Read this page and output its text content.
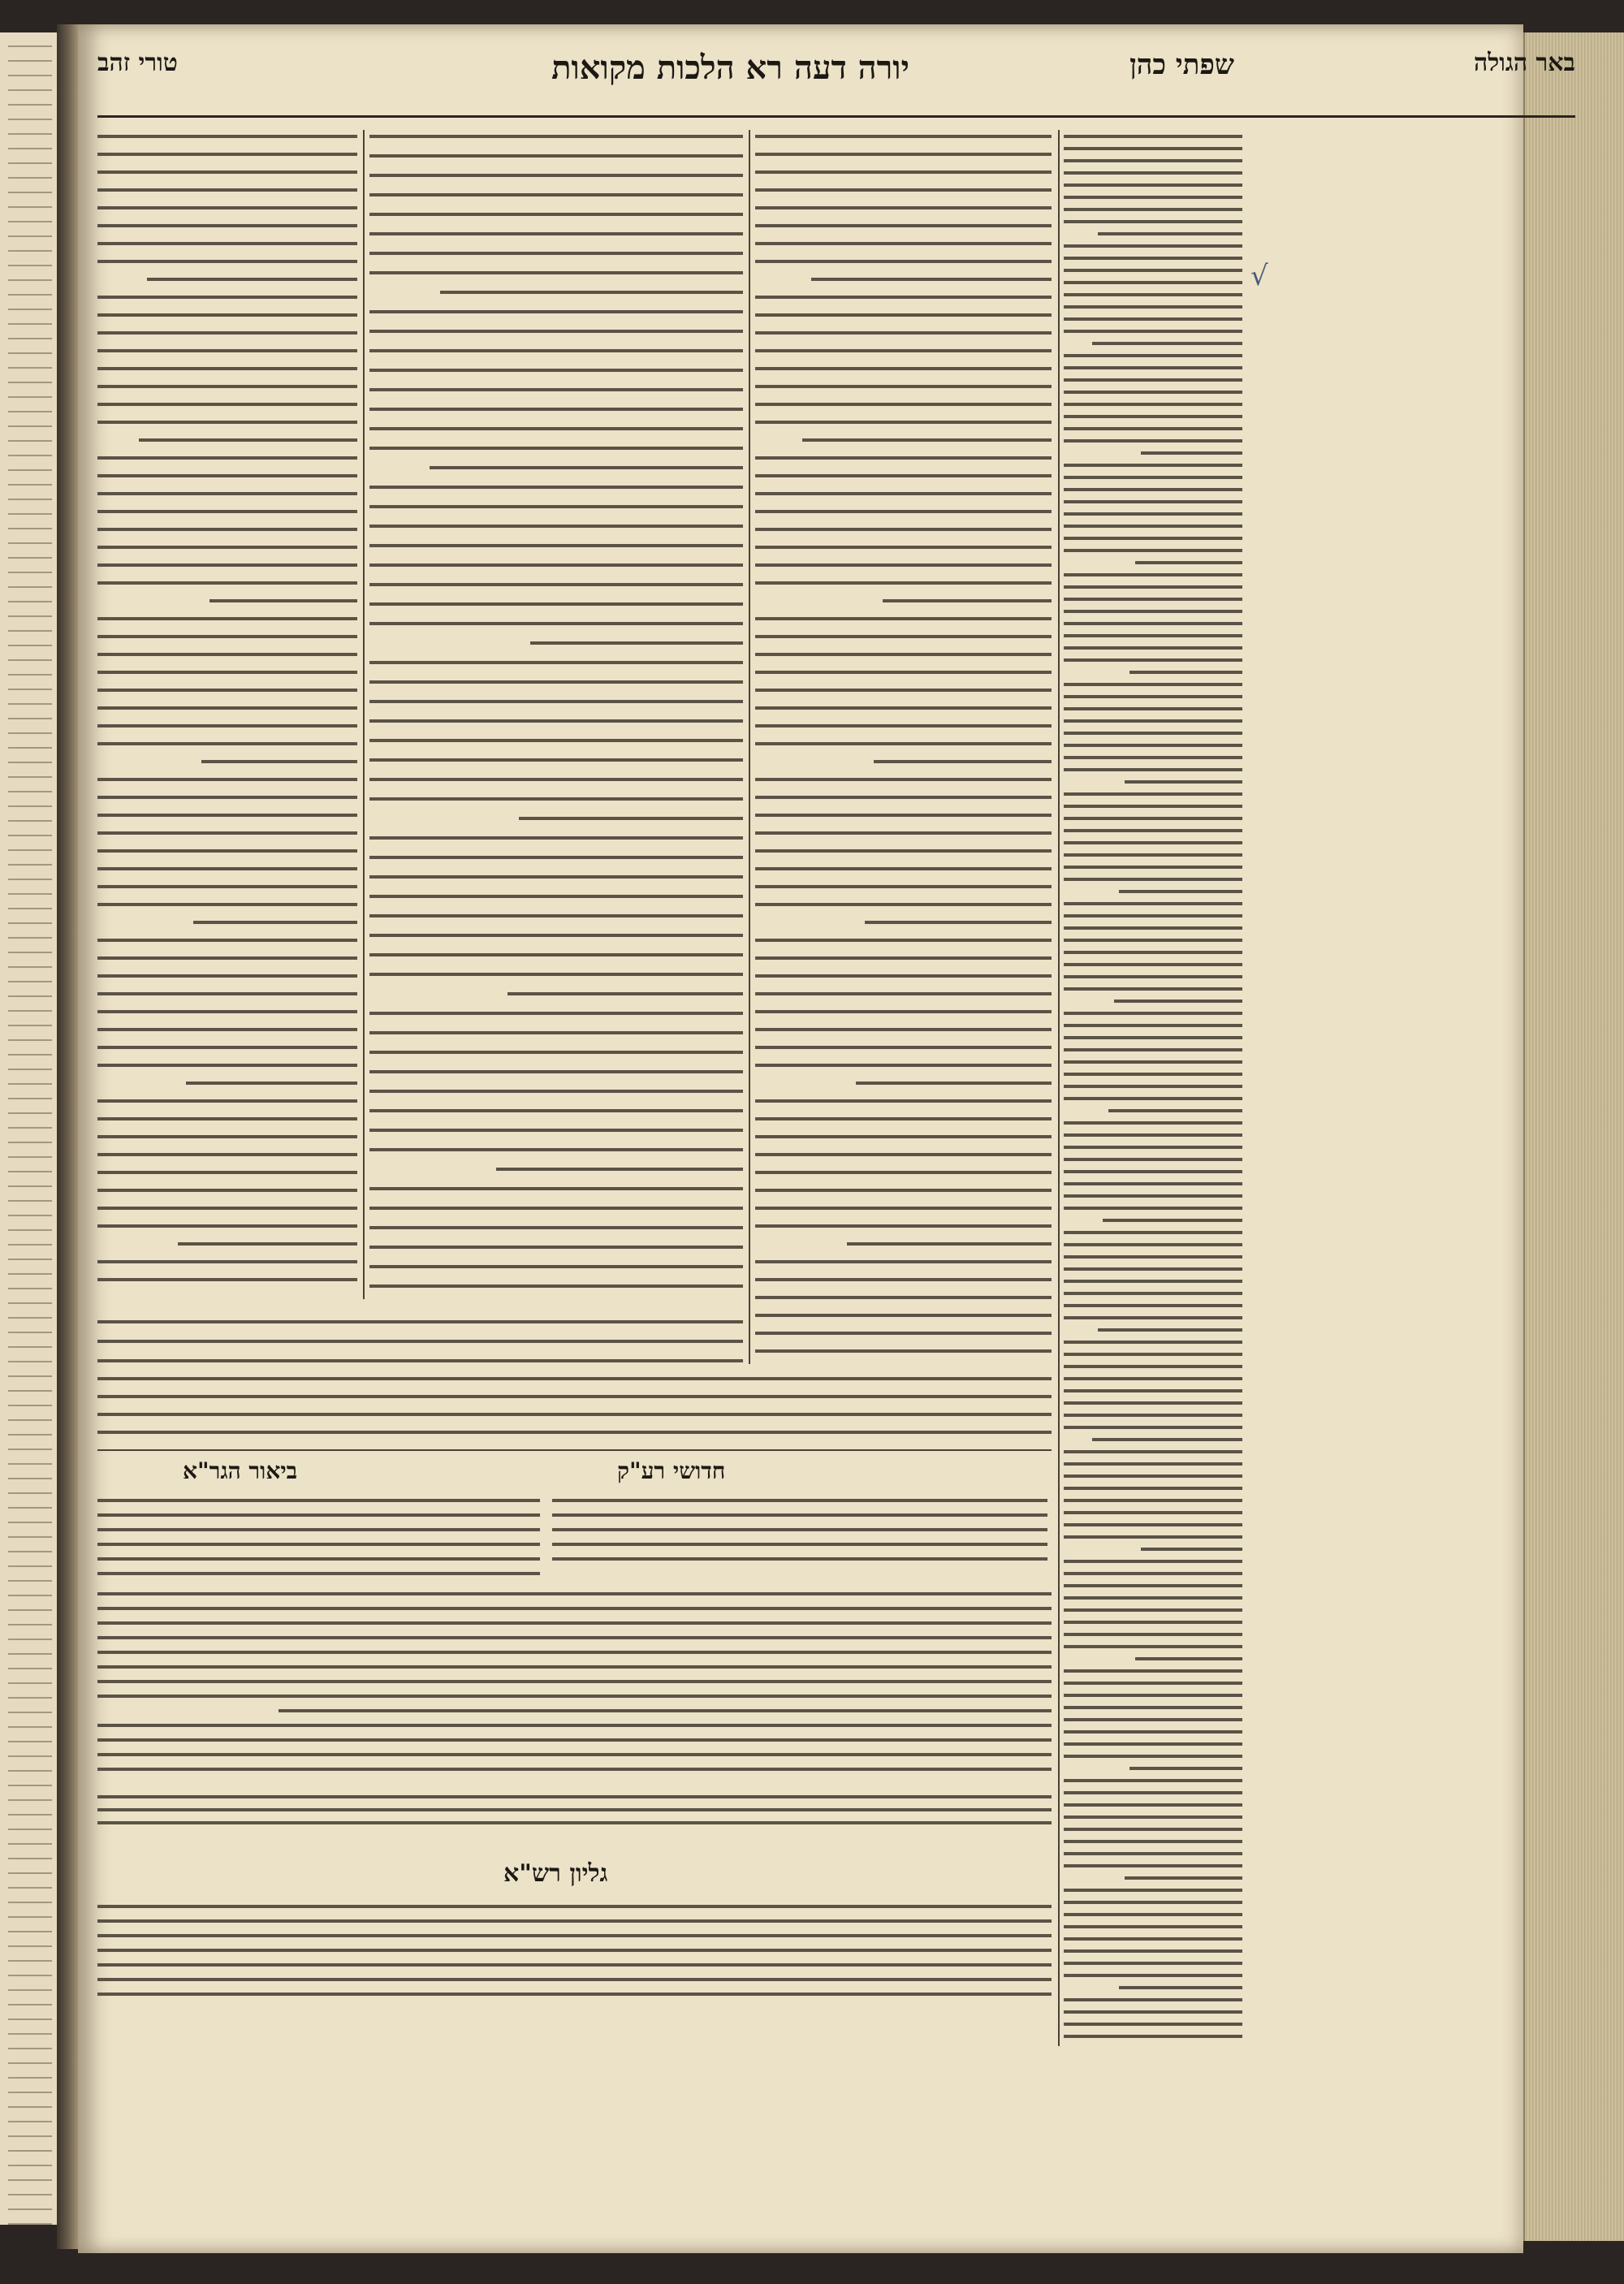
באר הגולה
שפתי כהן
יורה דעה רא הלכות מקואות
טורי זהב
חדושי רע"ק
ביאור הגר"א
גליון רש"א
√
